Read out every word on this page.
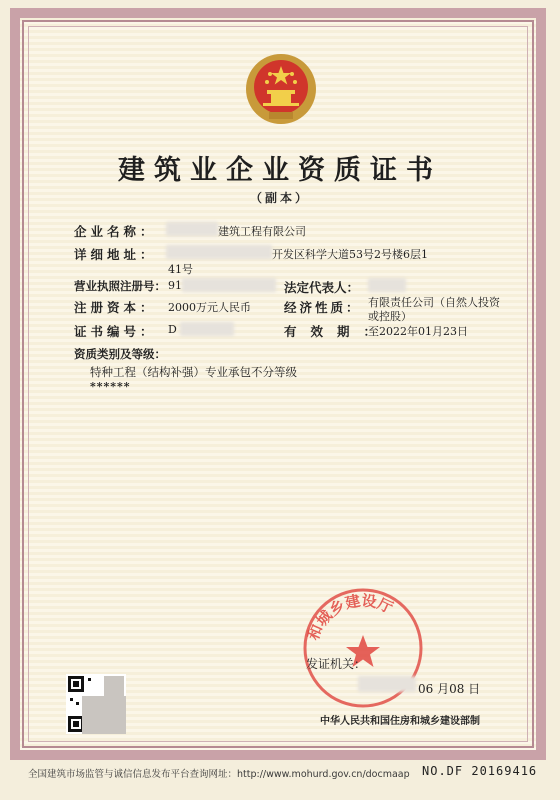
建筑业企业资质证书
（副本）
企业名称：	建筑工程有限公司
详细地址：	开发区科学大道53号2号楼6层1
41号
营业执照注册号： 91	法定代表人：
注册资本： 2000万元人民币	经济性质： 有限责任公司（自然人投资
或控股）
证书编号： D	有效期：
至2022年01月23日
资质类别及等级：
特种工程（结构补强）专业承包不分等级
******
和城乡建设厅
发证机关：
06 月08 日
中华人民共和国住房和城乡建设部制
全国建筑市场监管与诚信信息发布平台查询网址：http://www.mohurd.gov.cn/docmaap NO.DF 20169416
